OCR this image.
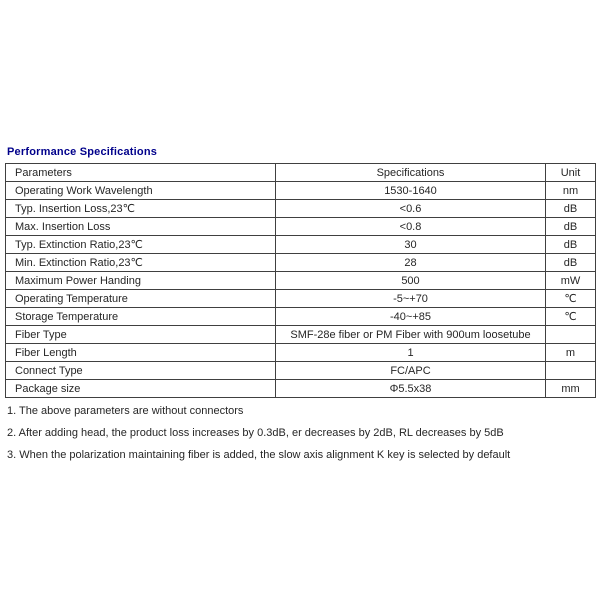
Performance Specifications
Parameters	Specifications	Unit
Operating Work Wavelength	1530-1640	nm
Typ. Insertion Loss,23℃	<0.6	dB
Max. Insertion Loss	<0.8	dB
Typ. Extinction Ratio,23℃	30	dB
Min. Extinction Ratio,23℃	28	dB
Maximum Power Handing	500	mW
Operating Temperature	-5~+70	℃
Storage Temperature	-40~+85	℃
Fiber Type	SMF-28e fiber or PM Fiber with 900um loosetube	
Fiber Length	1	m
Connect Type	FC/APC	
Package size	Φ5.5x38	mm
1. The above parameters are without connectors
2. After adding head, the product loss increases by 0.3dB, er decreases by 2dB, RL decreases by 5dB
3. When the polarization maintaining fiber is added, the slow axis alignment K key is selected by default
